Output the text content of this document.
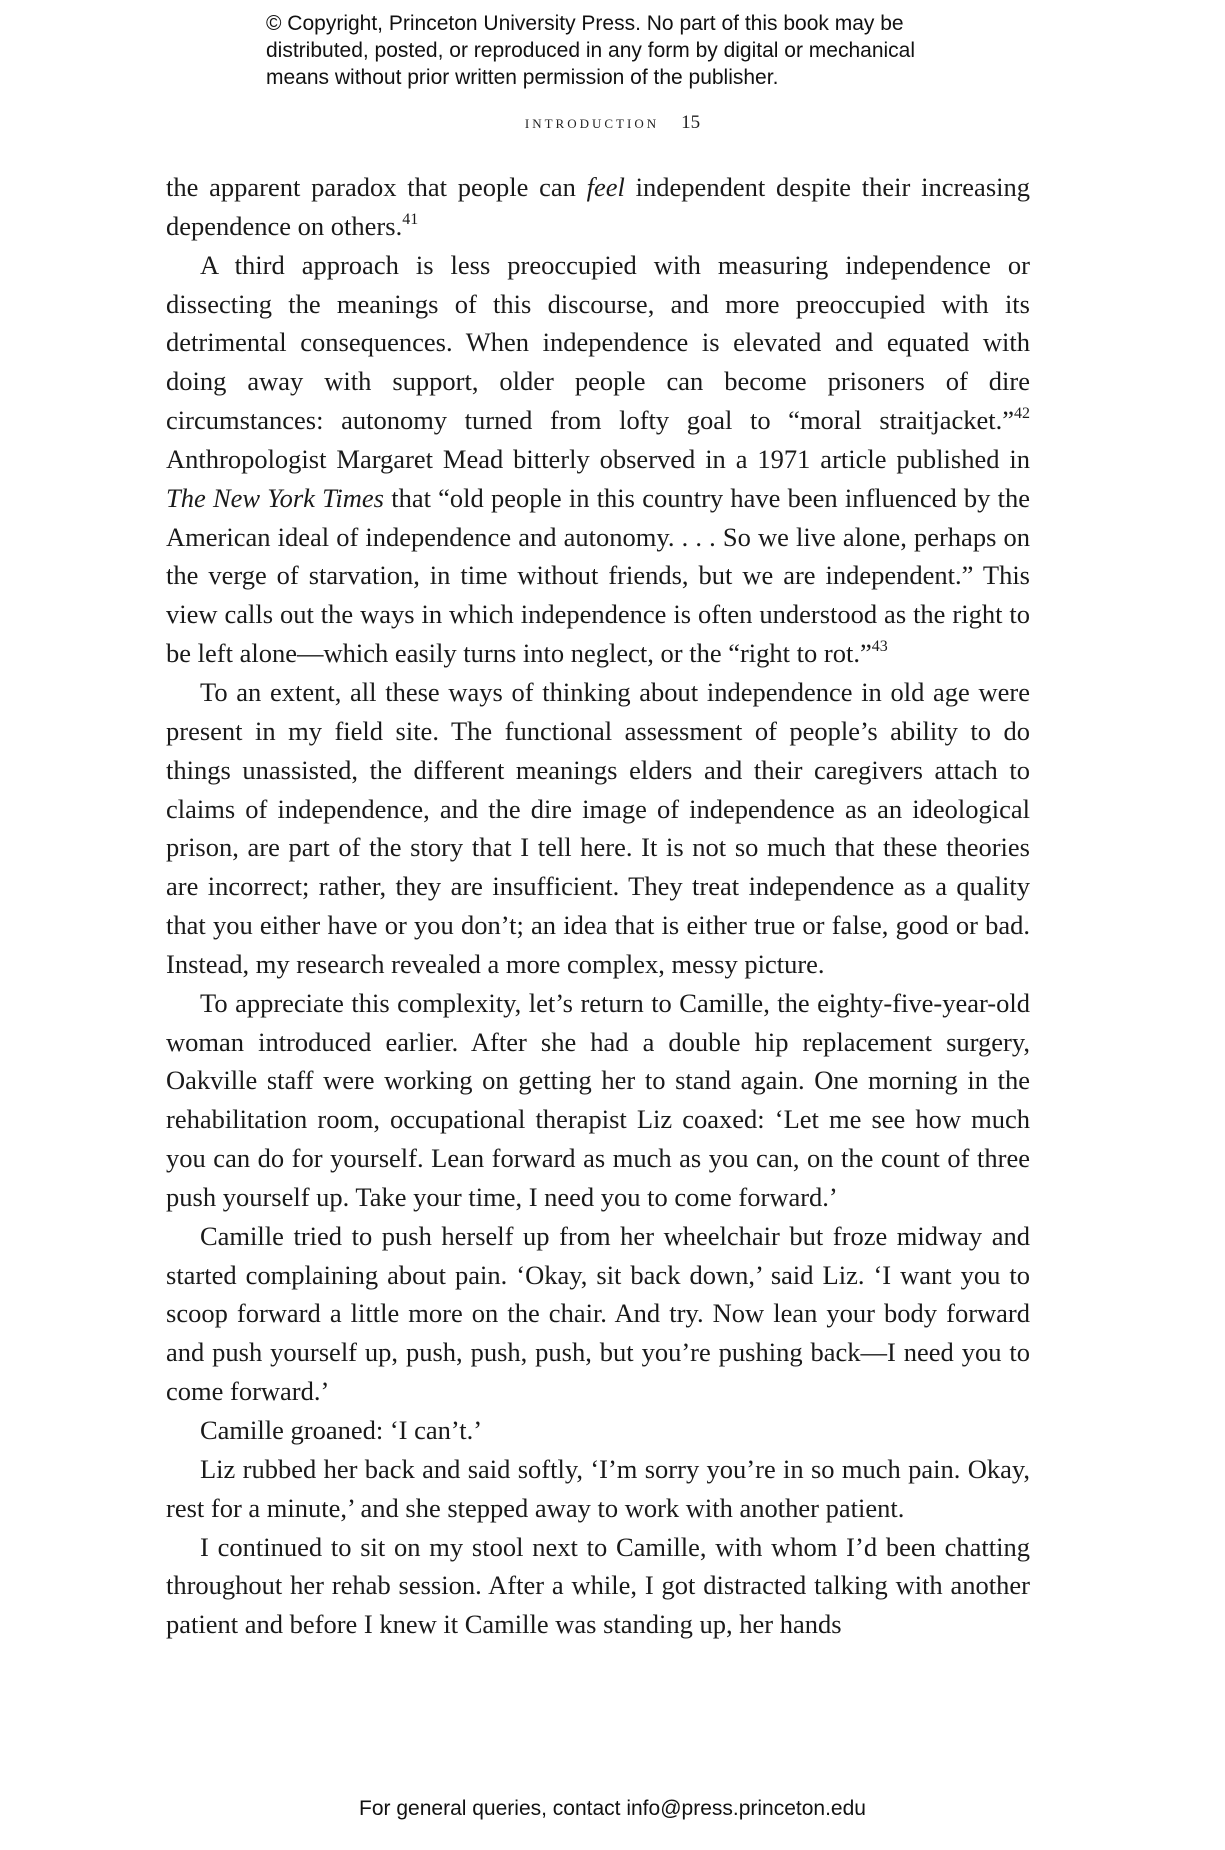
© Copyright, Princeton University Press. No part of this book may be
distributed, posted, or reproduced in any form by digital or mechanical
means without prior written permission of the publisher.
introduction 15

the apparent paradox that people can feel independent despite their increasing dependence on others.$^{41}$

A third approach is less preoccupied with measuring independence or dissecting the meanings of this discourse, and more preoccupied with its detrimental consequences. When independence is elevated and equated with doing away with support, older people can become prisoners of dire circumstances: autonomy turned from lofty goal to “moral straitjacket.”$^{42}$ Anthropologist Margaret Mead bitterly observed in a 1971 article published in The New York Times that “old people in this country have been influenced by the American ideal of independence and autonomy. . . . So we live alone, perhaps on the verge of starvation, in time without friends, but we are independent.” This view calls out the ways in which independence is often understood as the right to be left alone—which easily turns into neglect, or the “right to rot.”$^{43}$

To an extent, all these ways of thinking about independence in old age were present in my field site. The functional assessment of people’s ability to do things unassisted, the different meanings elders and their caregivers attach to claims of independence, and the dire image of independence as an ideological prison, are part of the story that I tell here. It is not so much that these theories are incorrect; rather, they are insufficient. They treat independence as a quality that you either have or you don’t; an idea that is either true or false, good or bad. Instead, my research revealed a more complex, messy picture.

To appreciate this complexity, let’s return to Camille, the eighty-five-year-old woman introduced earlier. After she had a double hip replacement surgery, Oakville staff were working on getting her to stand again. One morning in the rehabilitation room, occupational therapist Liz coaxed: ‘Let me see how much you can do for yourself. Lean forward as much as you can, on the count of three push yourself up. Take your time, I need you to come forward.’

Camille tried to push herself up from her wheelchair but froze midway and started complaining about pain. ‘Okay, sit back down,’ said Liz. ‘I want you to scoop forward a little more on the chair. And try. Now lean your body forward and push yourself up, push, push, push, but you’re pushing back—I need you to come forward.’

Camille groaned: ‘I can’t.’

Liz rubbed her back and said softly, ‘I’m sorry you’re in so much pain. Okay, rest for a minute,’ and she stepped away to work with another patient.

I continued to sit on my stool next to Camille, with whom I’d been chatting throughout her rehab session. After a while, I got distracted talking with another patient and before I knew it Camille was standing up, her hands

For general queries, contact info@press.princeton.edu
